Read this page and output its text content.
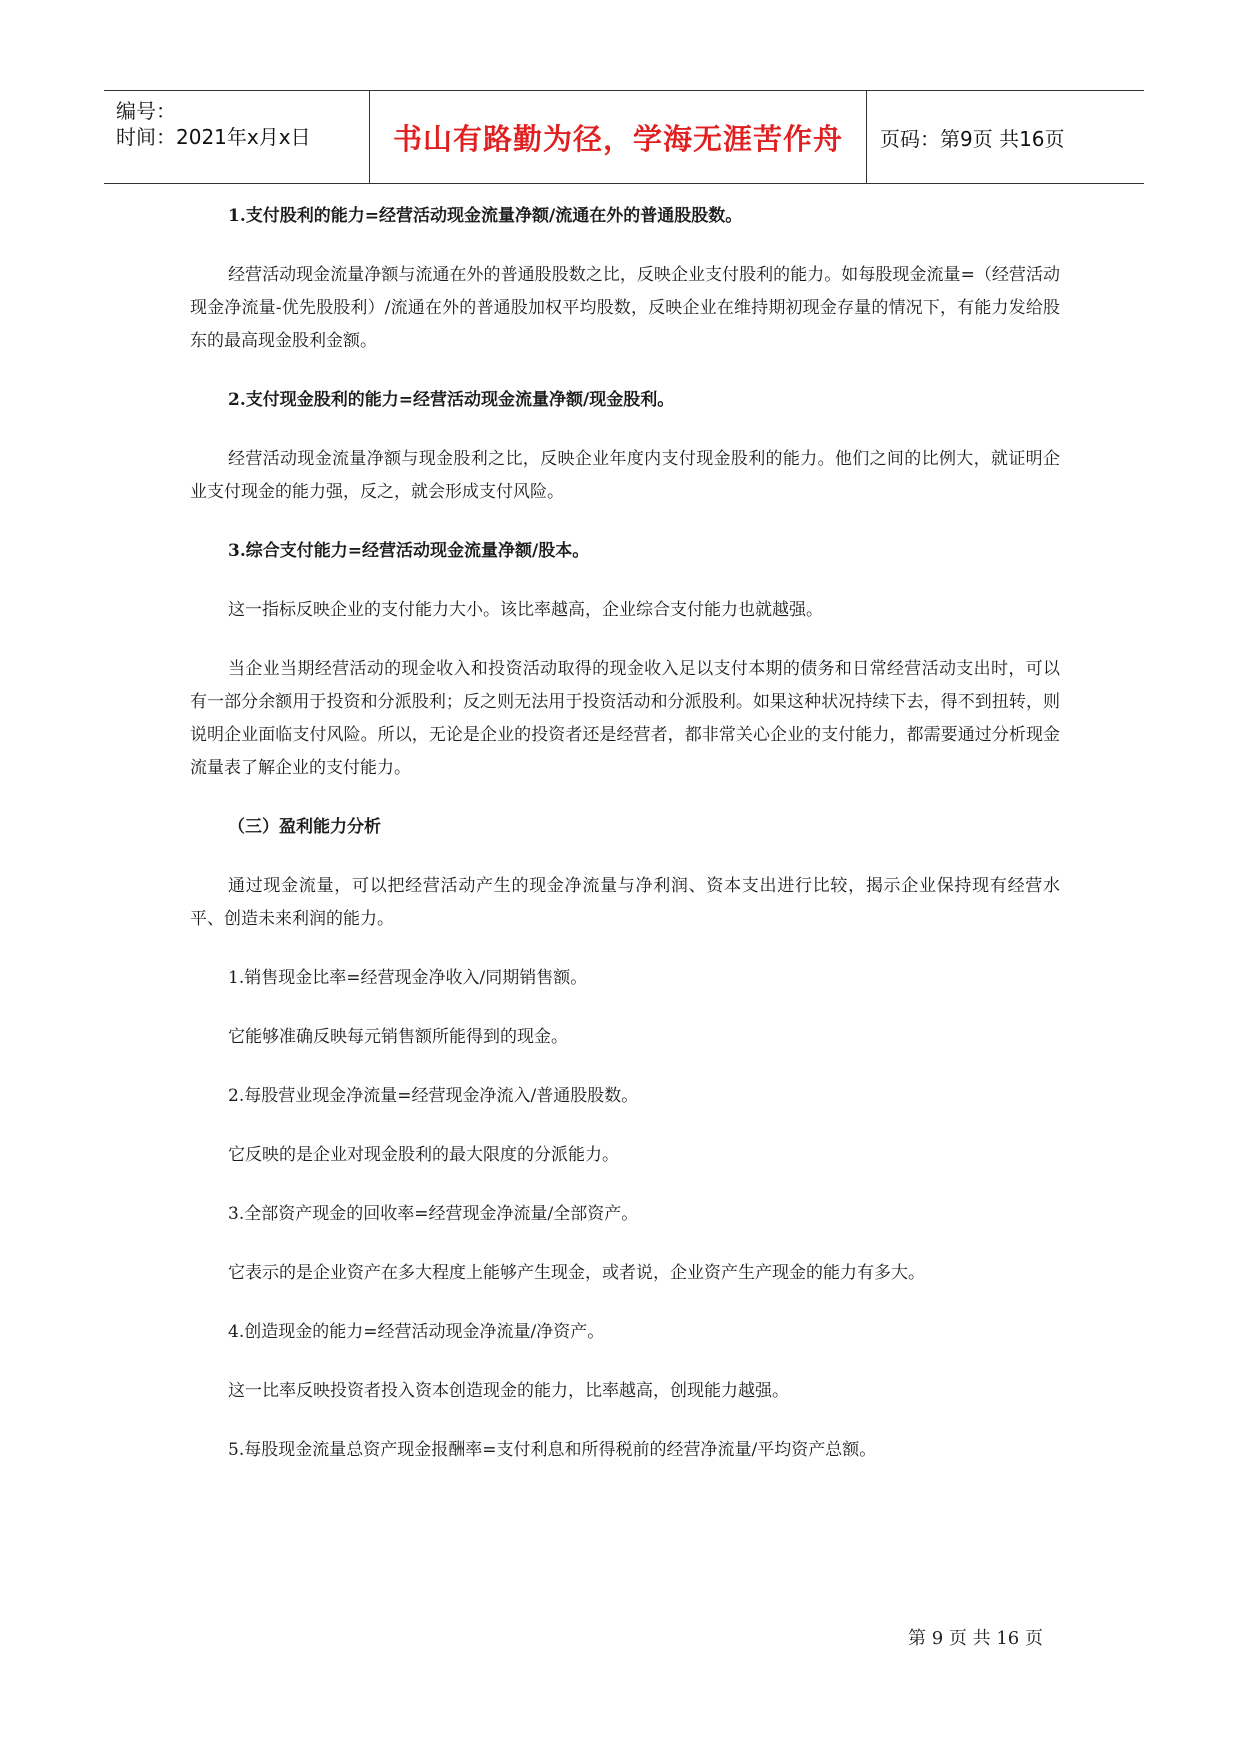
编号：
时间：2021年x月x日	书山有路勤为径，学海无涯苦作舟	页码：第9页 共16页

1.支付股利的能力=经营活动现金流量净额/流通在外的普通股股数。

经营活动现金流量净额与流通在外的普通股股数之比，反映企业支付股利的能力。如每股现金流量=（经营活动现金净流量-优先股股利）/流通在外的普通股加权平均股数，反映企业在维持期初现金存量的情况下，有能力发给股东的最高现金股利金额。

2.支付现金股利的能力=经营活动现金流量净额/现金股利。

经营活动现金流量净额与现金股利之比，反映企业年度内支付现金股利的能力。他们之间的比例大，就证明企业支付现金的能力强，反之，就会形成支付风险。

3.综合支付能力=经营活动现金流量净额/股本。

这一指标反映企业的支付能力大小。该比率越高，企业综合支付能力也就越强。

当企业当期经营活动的现金收入和投资活动取得的现金收入足以支付本期的债务和日常经营活动支出时，可以有一部分余额用于投资和分派股利；反之则无法用于投资活动和分派股利。如果这种状况持续下去，得不到扭转，则说明企业面临支付风险。所以，无论是企业的投资者还是经营者，都非常关心企业的支付能力，都需要通过分析现金流量表了解企业的支付能力。

（三）盈利能力分析

通过现金流量，可以把经营活动产生的现金净流量与净利润、资本支出进行比较，揭示企业保持现有经营水平、创造未来利润的能力。

1.销售现金比率=经营现金净收入/同期销售额。

它能够准确反映每元销售额所能得到的现金。

2.每股营业现金净流量=经营现金净流入/普通股股数。

它反映的是企业对现金股利的最大限度的分派能力。

3.全部资产现金的回收率=经营现金净流量/全部资产。

它表示的是企业资产在多大程度上能够产生现金，或者说，企业资产生产现金的能力有多大。

4.创造现金的能力=经营活动现金净流量/净资产。

这一比率反映投资者投入资本创造现金的能力，比率越高，创现能力越强。

5.每股现金流量总资产现金报酬率=支付利息和所得税前的经营净流量/平均资产总额。

第 9 页 共 16 页
